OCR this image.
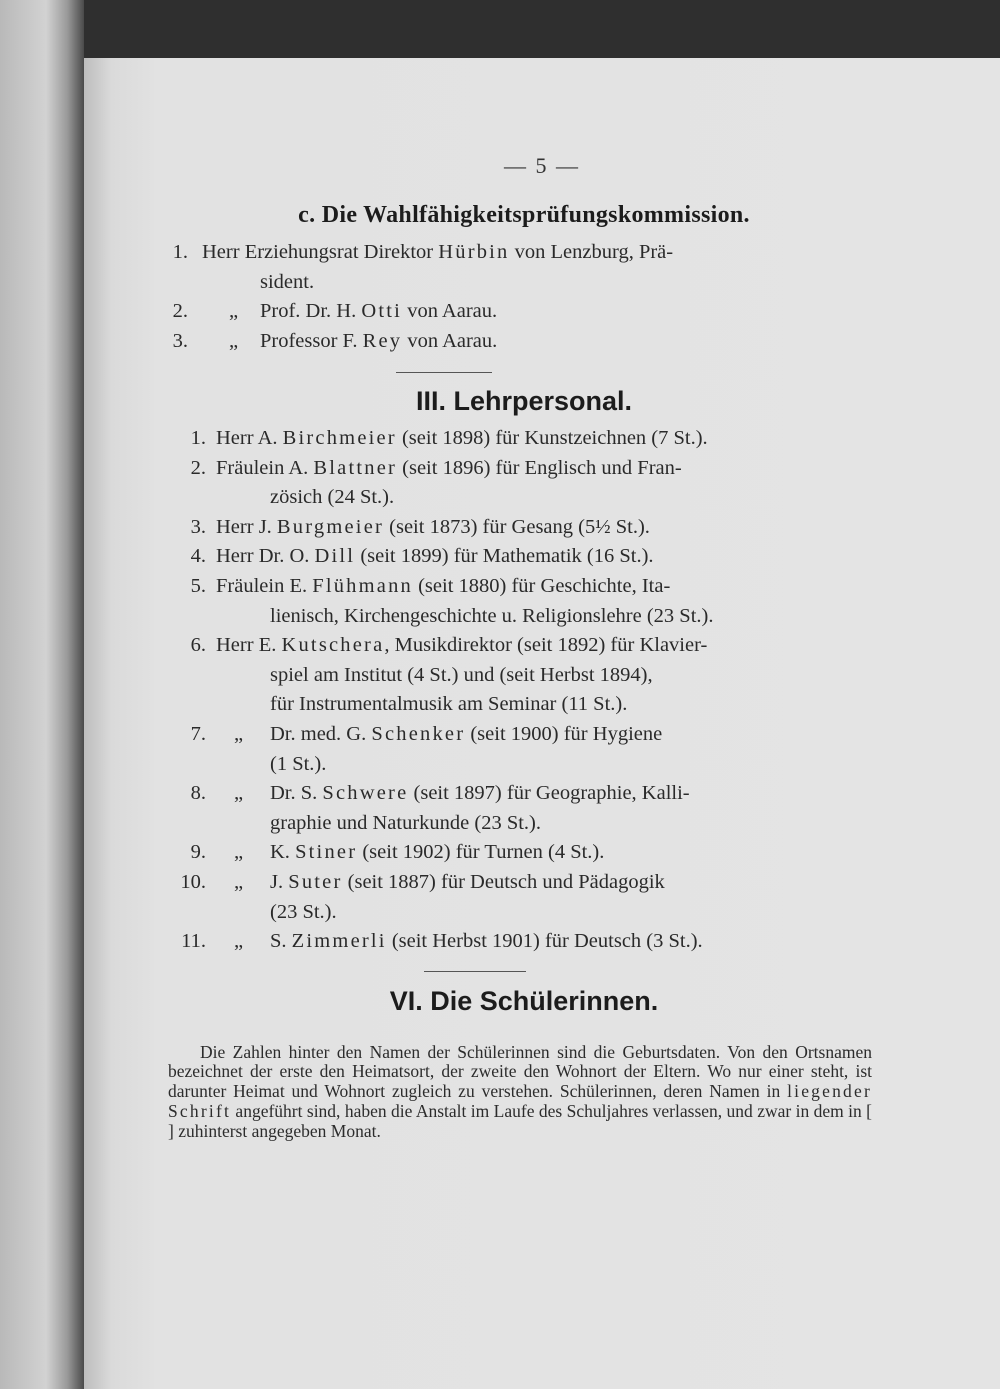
— 5 —
c. Die Wahlfähigkeitsprüfungskommission.
1. Herr Erziehungsrat Direktor Hürbin von Lenzburg, Prä-
sident.
2. „ Prof. Dr. H. Otti von Aarau.
3. „ Professor F. Rey von Aarau.
III. Lehrpersonal.
1. Herr A. Birchmeier (seit 1898) für Kunstzeichnen (7 St.).
2. Fräulein A. Blattner (seit 1896) für Englisch und Fran-
zösich (24 St.).
3. Herr J. Burgmeier (seit 1873) für Gesang (5½ St.).
4. Herr Dr. O. Dill (seit 1899) für Mathematik (16 St.).
5. Fräulein E. Flühmann (seit 1880) für Geschichte, Ita-
lienisch, Kirchengeschichte u. Religionslehre (23 St.).
6. Herr E. Kutschera, Musikdirektor (seit 1892) für Klavier-
spiel am Institut (4 St.) und (seit Herbst 1894),
für Instrumentalmusik am Seminar (11 St.).
7. „ Dr. med. G. Schenker (seit 1900) für Hygiene
(1 St.).
8. „ Dr. S. Schwere (seit 1897) für Geographie, Kalli-
graphie und Naturkunde (23 St.).
9. „ K. Stiner (seit 1902) für Turnen (4 St.).
10. „ J. Suter (seit 1887) für Deutsch und Pädagogik
(23 St.).
11. „ S. Zimmerli (seit Herbst 1901) für Deutsch (3 St.).
VI. Die Schülerinnen.

Die Zahlen hinter den Namen der Schülerinnen sind die Geburtsdaten. Von den Ortsnamen bezeichnet der erste den Heimatsort, der zweite den Wohnort der Eltern. Wo nur einer steht, ist darunter Heimat und Wohnort zugleich zu verstehen. Schülerinnen, deren Namen in liegender Schrift angeführt sind, haben die Anstalt im Laufe des Schuljahres verlassen, und zwar in dem in [ ] zuhinterst angegeben Monat.
